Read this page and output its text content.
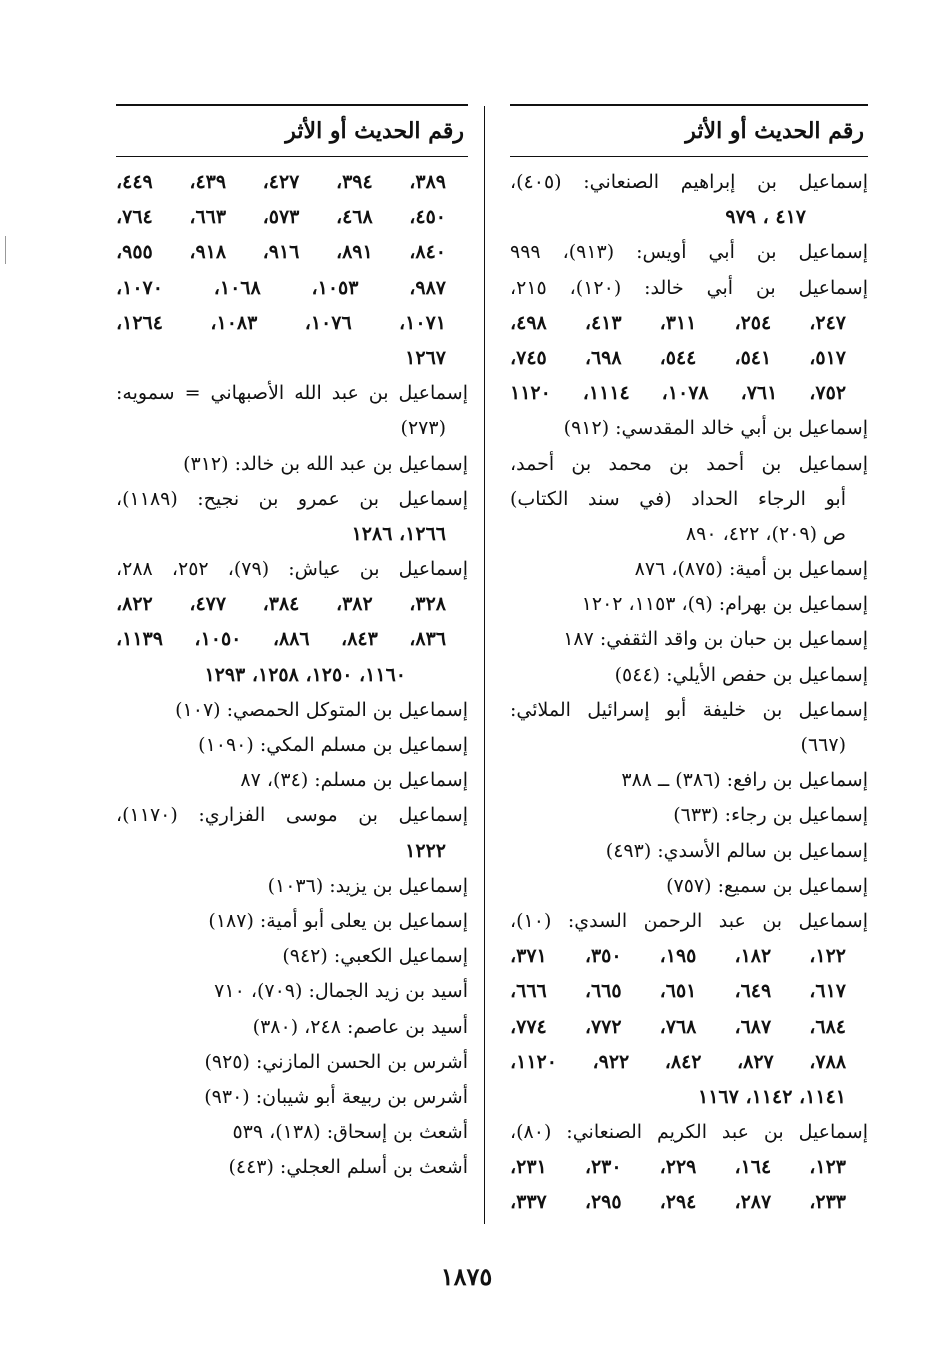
رقم الحديث أو الأثر
إسماعيل بن إبراهيم الصنعاني: (٤٠٥)،
٤١٧ ، ٩٧٩
إسماعيل بن أبي أويس: (٩١٣)، ٩٩٩
إسماعيل بن أبي خالد: (١٢٠)، ٢١٥،
٢٤٧، ٢٥٤، ٣١١، ٤١٣، ٤٩٨،
٥١٧، ٥٤١، ٥٤٤، ٦٩٨، ٧٤٥،
٧٥٢، ٧٦١، ١٠٧٨، ١١١٤، ١١٢٠
إسماعيل بن أبي خالد المقدسي: (٩١٢)
إسماعيل بن أحمد بن محمد بن أحمد،
أبو الرجاء الحداد (في سند الكتاب)
ص (٢٠٩)، ٤٢٢، ٨٩٠
إسماعيل بن أمية: (٨٧٥)، ٨٧٦
إسماعيل بن بهرام: (٩)، ١١٥٣، ١٢٠٢
إسماعيل بن حبان بن واقد الثقفي: ١٨٧
إسماعيل بن حفص الأيلي: (٥٤٤)
إسماعيل بن خليفة أبو إسرائيل الملائي:
(٦٦٧)
إسماعيل بن رافع: (٣٨٦) ــ ٣٨٨
إسماعيل بن رجاء: (٦٣٣)
إسماعيل بن سالم الأسدي: (٤٩٣)
إسماعيل بن سميع: (٧٥٧)
إسماعيل بن عبد الرحمن السدي: (١٠)،
١٢٢، ١٨٢، ١٩٥، ٣٥٠، ٣٧١،
٦١٧، ٦٤٩، ٦٥١، ٦٦٥، ٦٦٦،
٦٨٤، ٦٨٧، ٧٦٨، ٧٧٢، ٧٧٤،
٧٨٨، ٨٢٧، ٨٤٢، ٩٢٢، ١١٢٠،
١١٤١، ١١٤٢، ١١٦٧
إسماعيل بن عبد الكريم الصنعاني: (٨٠)،
١٢٣، ١٦٤، ٢٢٩، ٢٣٠، ٢٣١،
٢٣٣، ٢٨٧، ٢٩٤، ٢٩٥، ٣٣٧،
رقم الحديث أو الأثر
٣٨٩، ٣٩٤، ٤٢٧، ٤٣٩، ٤٤٩،
٤٥٠، ٤٦٨، ٥٧٣، ٦٦٣، ٧٦٤،
٨٤٠، ٨٩١، ٩١٦، ٩١٨، ٩٥٥،
٩٨٧، ١٠٥٣، ١٠٦٨، ١٠٧٠،
١٠٧١، ١٠٧٦، ١٠٨٣، ١٢٦٤،
١٢٦٧
إسماعيل بن عبد الله الأصبهاني = سمويه:
(٢٧٣)
إسماعيل بن عبد الله بن خالد: (٣١٢)
إسماعيل بن عمرو بن نجيح: (١١٨٩)،
١٢٦٦، ١٢٨٦
إسماعيل بن عياش: (٧٩)، ٢٥٢، ٢٨٨،
٣٢٨، ٣٨٢، ٣٨٤، ٤٧٧، ٨٢٢،
٨٣٦، ٨٤٣، ٨٨٦، ١٠٥٠، ١١٣٩،
١١٦٠، ١٢٥٠، ١٢٥٨، ١٢٩٣
إسماعيل بن المتوكل الحمصي: (١٠٧)
إسماعيل بن مسلم المكي: (١٠٩٠)
إسماعيل بن مسلم: (٣٤)، ٨٧
إسماعيل بن موسى الفزاري: (١١٧٠)،
١٢٢٢
إسماعيل بن يزيد: (١٠٣٦)
إسماعيل بن يعلى أبو أمية: (١٨٧)
إسماعيل الكعبي: (٩٤٢)
أسيد بن زيد الجمال: (٧٠٩)، ٧١٠
أسيد بن عاصم: ٢٤٨، (٣٨٠)
أشرس بن الحسن المازني: (٩٢٥)
أشرس بن ربيعة أبو شيبان: (٩٣٠)
أشعث بن إسحاق: (١٣٨)، ٥٣٩
أشعث بن أسلم العجلي: (٤٤٣)
١٨٧٥
